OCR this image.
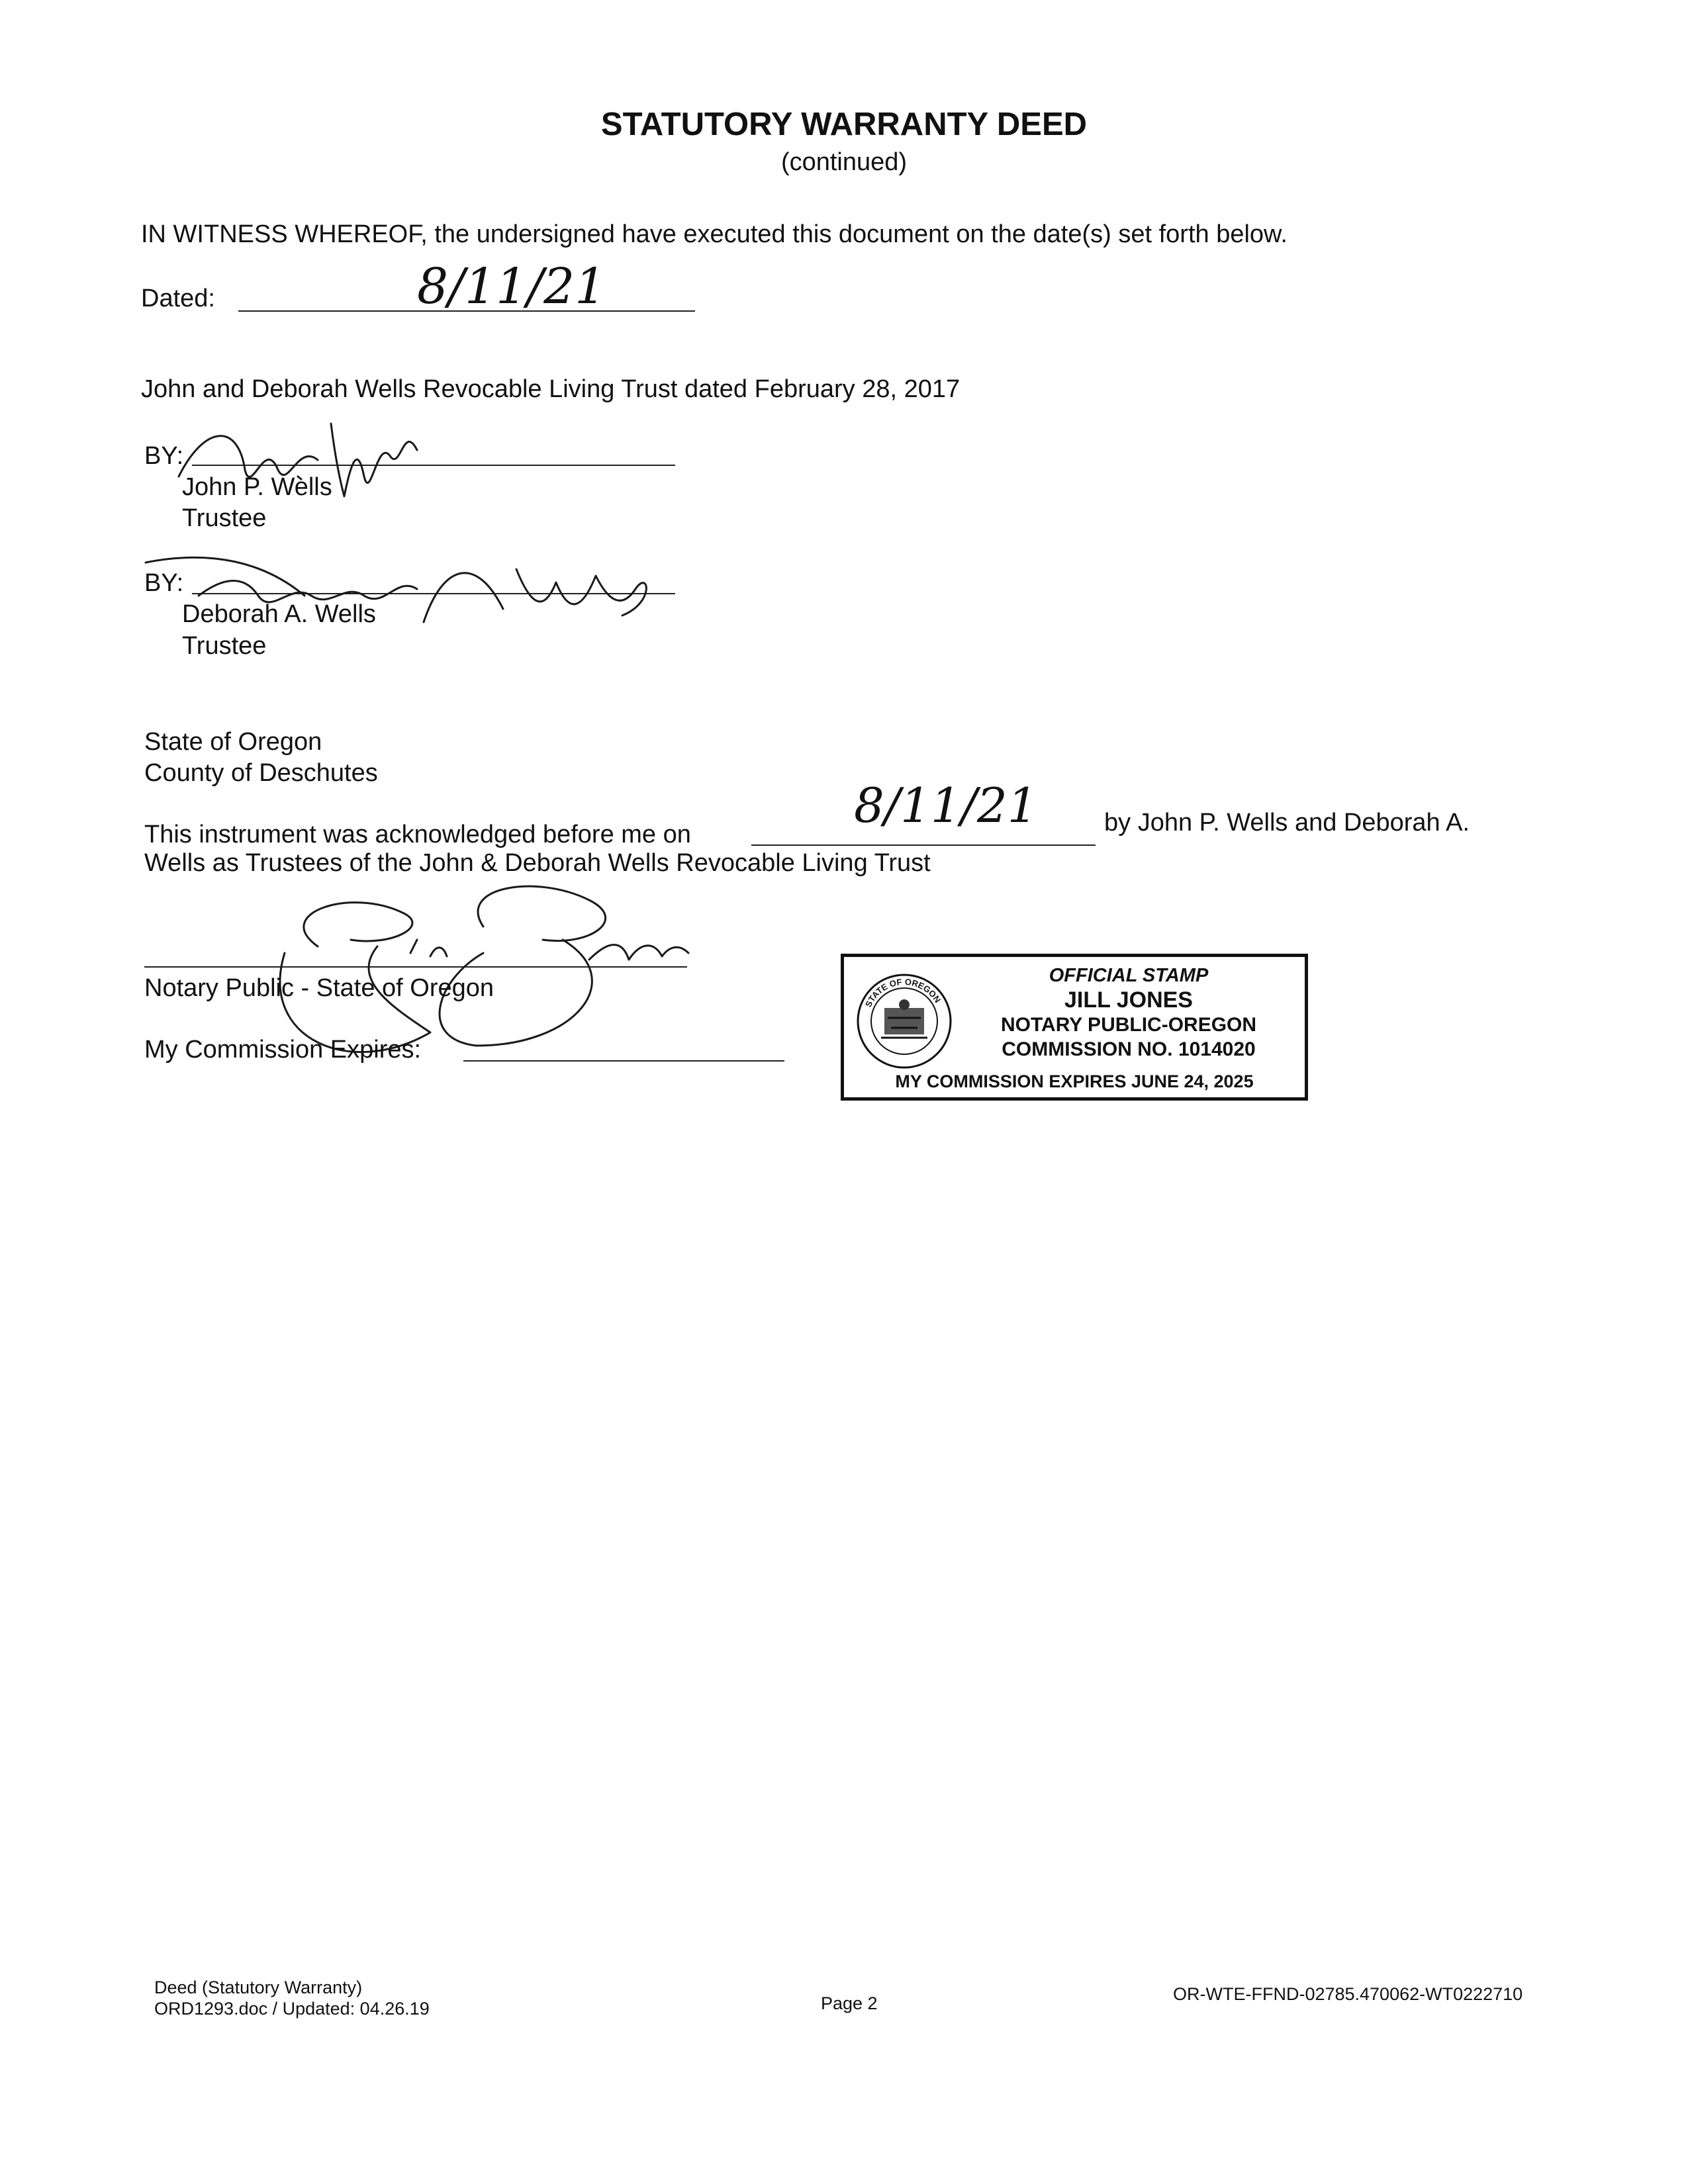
STATUTORY WARRANTY DEED
(continued)
IN WITNESS WHEREOF, the undersigned have executed this document on the date(s) set forth below.
Dated:	8/11/21
John and Deborah Wells Revocable Living Trust dated February 28, 2017
BY:
John P. Wells
Trustee
BY:
Deborah A. Wells
Trustee
State of Oregon
County of Deschutes
This instrument was acknowledged before me on
8/11/21	by John P. Wells and Deborah A.
Wells as Trustees of the John & Deborah Wells Revocable Living Trust
Notary Public - State of Oregon
My Commission Expires:
STATE OF OREGON
OFFICIAL STAMP
JILL JONES
NOTARY PUBLIC-OREGON
COMMISSION NO. 1014020
MY COMMISSION EXPIRES JUNE 24, 2025
Deed (Statutory Warranty)
ORD1293.doc / Updated: 04.26.19	Page 2	OR-WTE-FFND-02785.470062-WT0222710
